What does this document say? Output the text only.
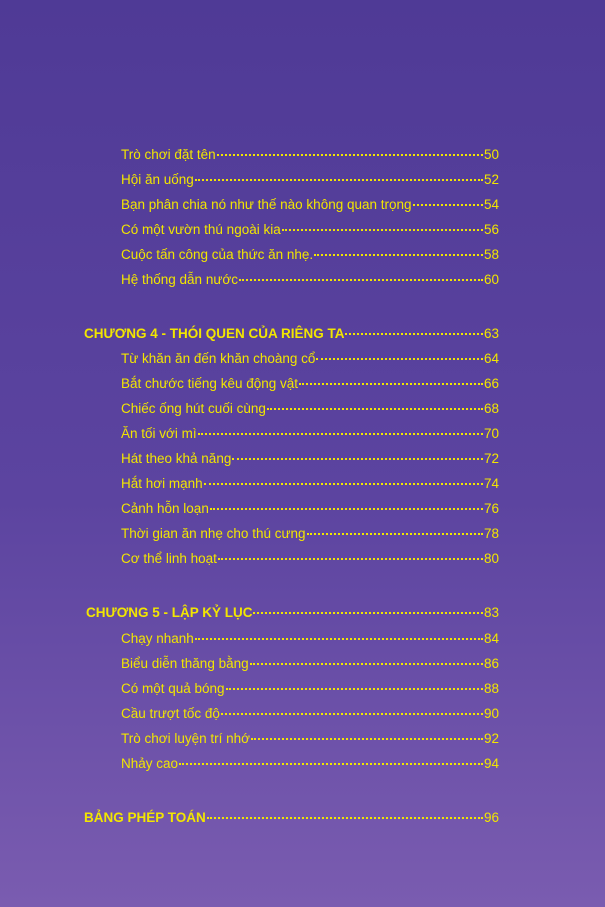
Trò chơi đặt tên	50
Hội ăn uống	52
Bạn phân chia nó như thế nào không quan trọng	54
Có một vườn thú ngoài kia	56
Cuộc tấn công của thức ăn nhẹ.	58
Hệ thống dẫn nước	60
CHƯƠNG 4 - THÓI QUEN CỦA RIÊNG TA	63
Từ khăn ăn đến khăn choàng cổ	64
Bắt chước tiếng kêu động vật	66
Chiếc ống hút cuối cùng	68
Ăn tối với mì	70
Hát theo khả năng	72
Hắt hơi mạnh	74
Cảnh hỗn loạn	76
Thời gian ăn nhẹ cho thú cưng	78
Cơ thể linh hoạt	80
CHƯƠNG 5 - LẬP KỶ LỤC	83
Chạy nhanh	84
Biểu diễn thăng bằng	86
Có một quả bóng	88
Cầu trượt tốc độ	90
Trò chơi luyện trí nhớ	92
Nhảy cao	94
BẢNG PHÉP TOÁN	96
